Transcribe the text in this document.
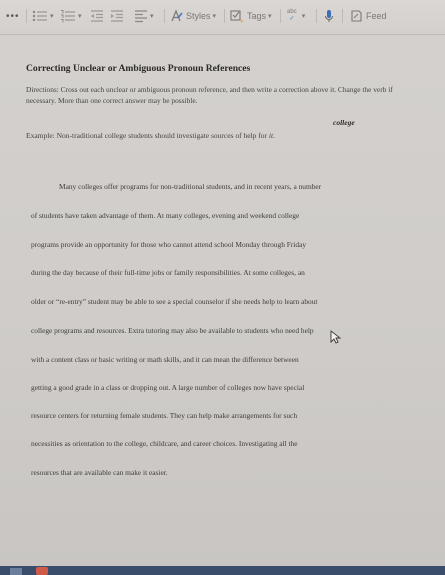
•••	▾	▾	▾	Styles ▾	Tags ▾
abc
✓	▾	Feed
Correcting Unclear or Ambiguous Pronoun References
Directions: Cross out each unclear or ambiguous pronoun reference, and then write a correction above it. Change the verb if necessary. More than one correct answer may be possible.
college
Example: Non-traditional college students should investigate sources of help for it.
Many colleges offer programs for non-traditional students, and in recent years, a number
of students have taken advantage of them. At many colleges, evening and weekend college
programs provide an opportunity for those who cannot attend school Monday through Friday
during the day because of their full-time jobs or family responsibilities. At some colleges, an
older or “re-entry” student may be able to see a special counselor if she needs help to learn about
college programs and resources. Extra tutoring may also be available to students who need help
with a content class or basic writing or math skills, and it can mean the difference between
getting a good grade in a class or dropping out. A large number of colleges now have special
resource centers for returning female students. They can help make arrangements for such
necessities as orientation to the college, childcare, and career choices. Investigating all the
resources that are available can make it easier.
